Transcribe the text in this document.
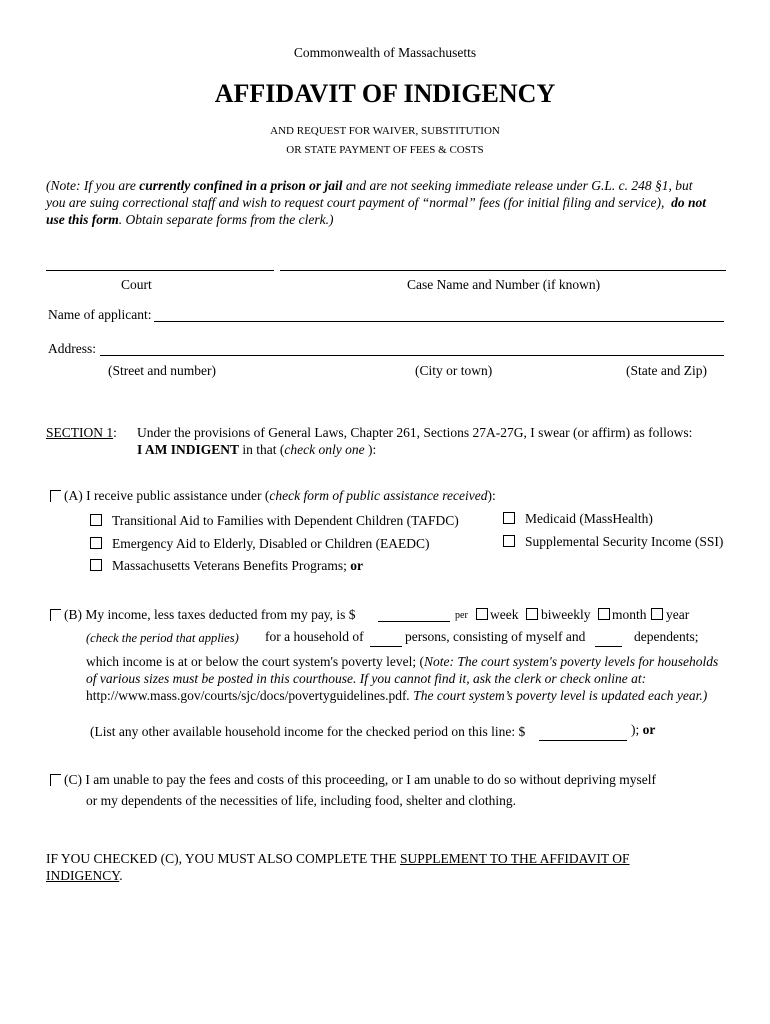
Commonwealth of Massachusetts
AFFIDAVIT OF INDIGENCY
AND REQUEST FOR WAIVER, SUBSTITUTION
OR STATE PAYMENT OF FEES & COSTS
(Note: If you are currently confined in a prison or jail and are not seeking immediate release under G.L. c. 248 §1, but
you are suing correctional staff and wish to request court payment of “normal” fees (for initial filing and service), do not
use this form. Obtain separate forms from the clerk.)
Court	Case Name and Number (if known)
Name of applicant:
Address:
(Street and number)	(City or town)	(State and Zip)
SECTION 1: Under the provisions of General Laws, Chapter 261, Sections 27A-27G, I swear (or affirm) as follows:
I AM INDIGENT in that (check only one ):
(A) I receive public assistance under (check form of public assistance received):
Transitional Aid to Families with Dependent Children (TAFDC)	Medicaid (MassHealth)
Emergency Aid to Elderly, Disabled or Children (EAEDC)	Supplemental Security Income (SSI)
Massachusetts Veterans Benefits Programs; or
(B) My income, less taxes deducted from my pay, is $	per week biweekly month year
(check the period that applies) for a household of	persons, consisting of myself and	dependents;
which income is at or below the court system's poverty level; (Note: The court system's poverty levels for households
of various sizes must be posted in this courthouse. If you cannot find it, ask the clerk or check online at:
http://www.mass.gov/courts/sjc/docs/povertyguidelines.pdf. The court system’s poverty level is updated each year.)
(List any other available household income for the checked period on this line: $	); or
(C) I am unable to pay the fees and costs of this proceeding, or I am unable to do so without depriving myself
or my dependents of the necessities of life, including food, shelter and clothing.
IF YOU CHECKED (C), YOU MUST ALSO COMPLETE THE SUPPLEMENT TO THE AFFIDAVIT OF
INDIGENCY.
